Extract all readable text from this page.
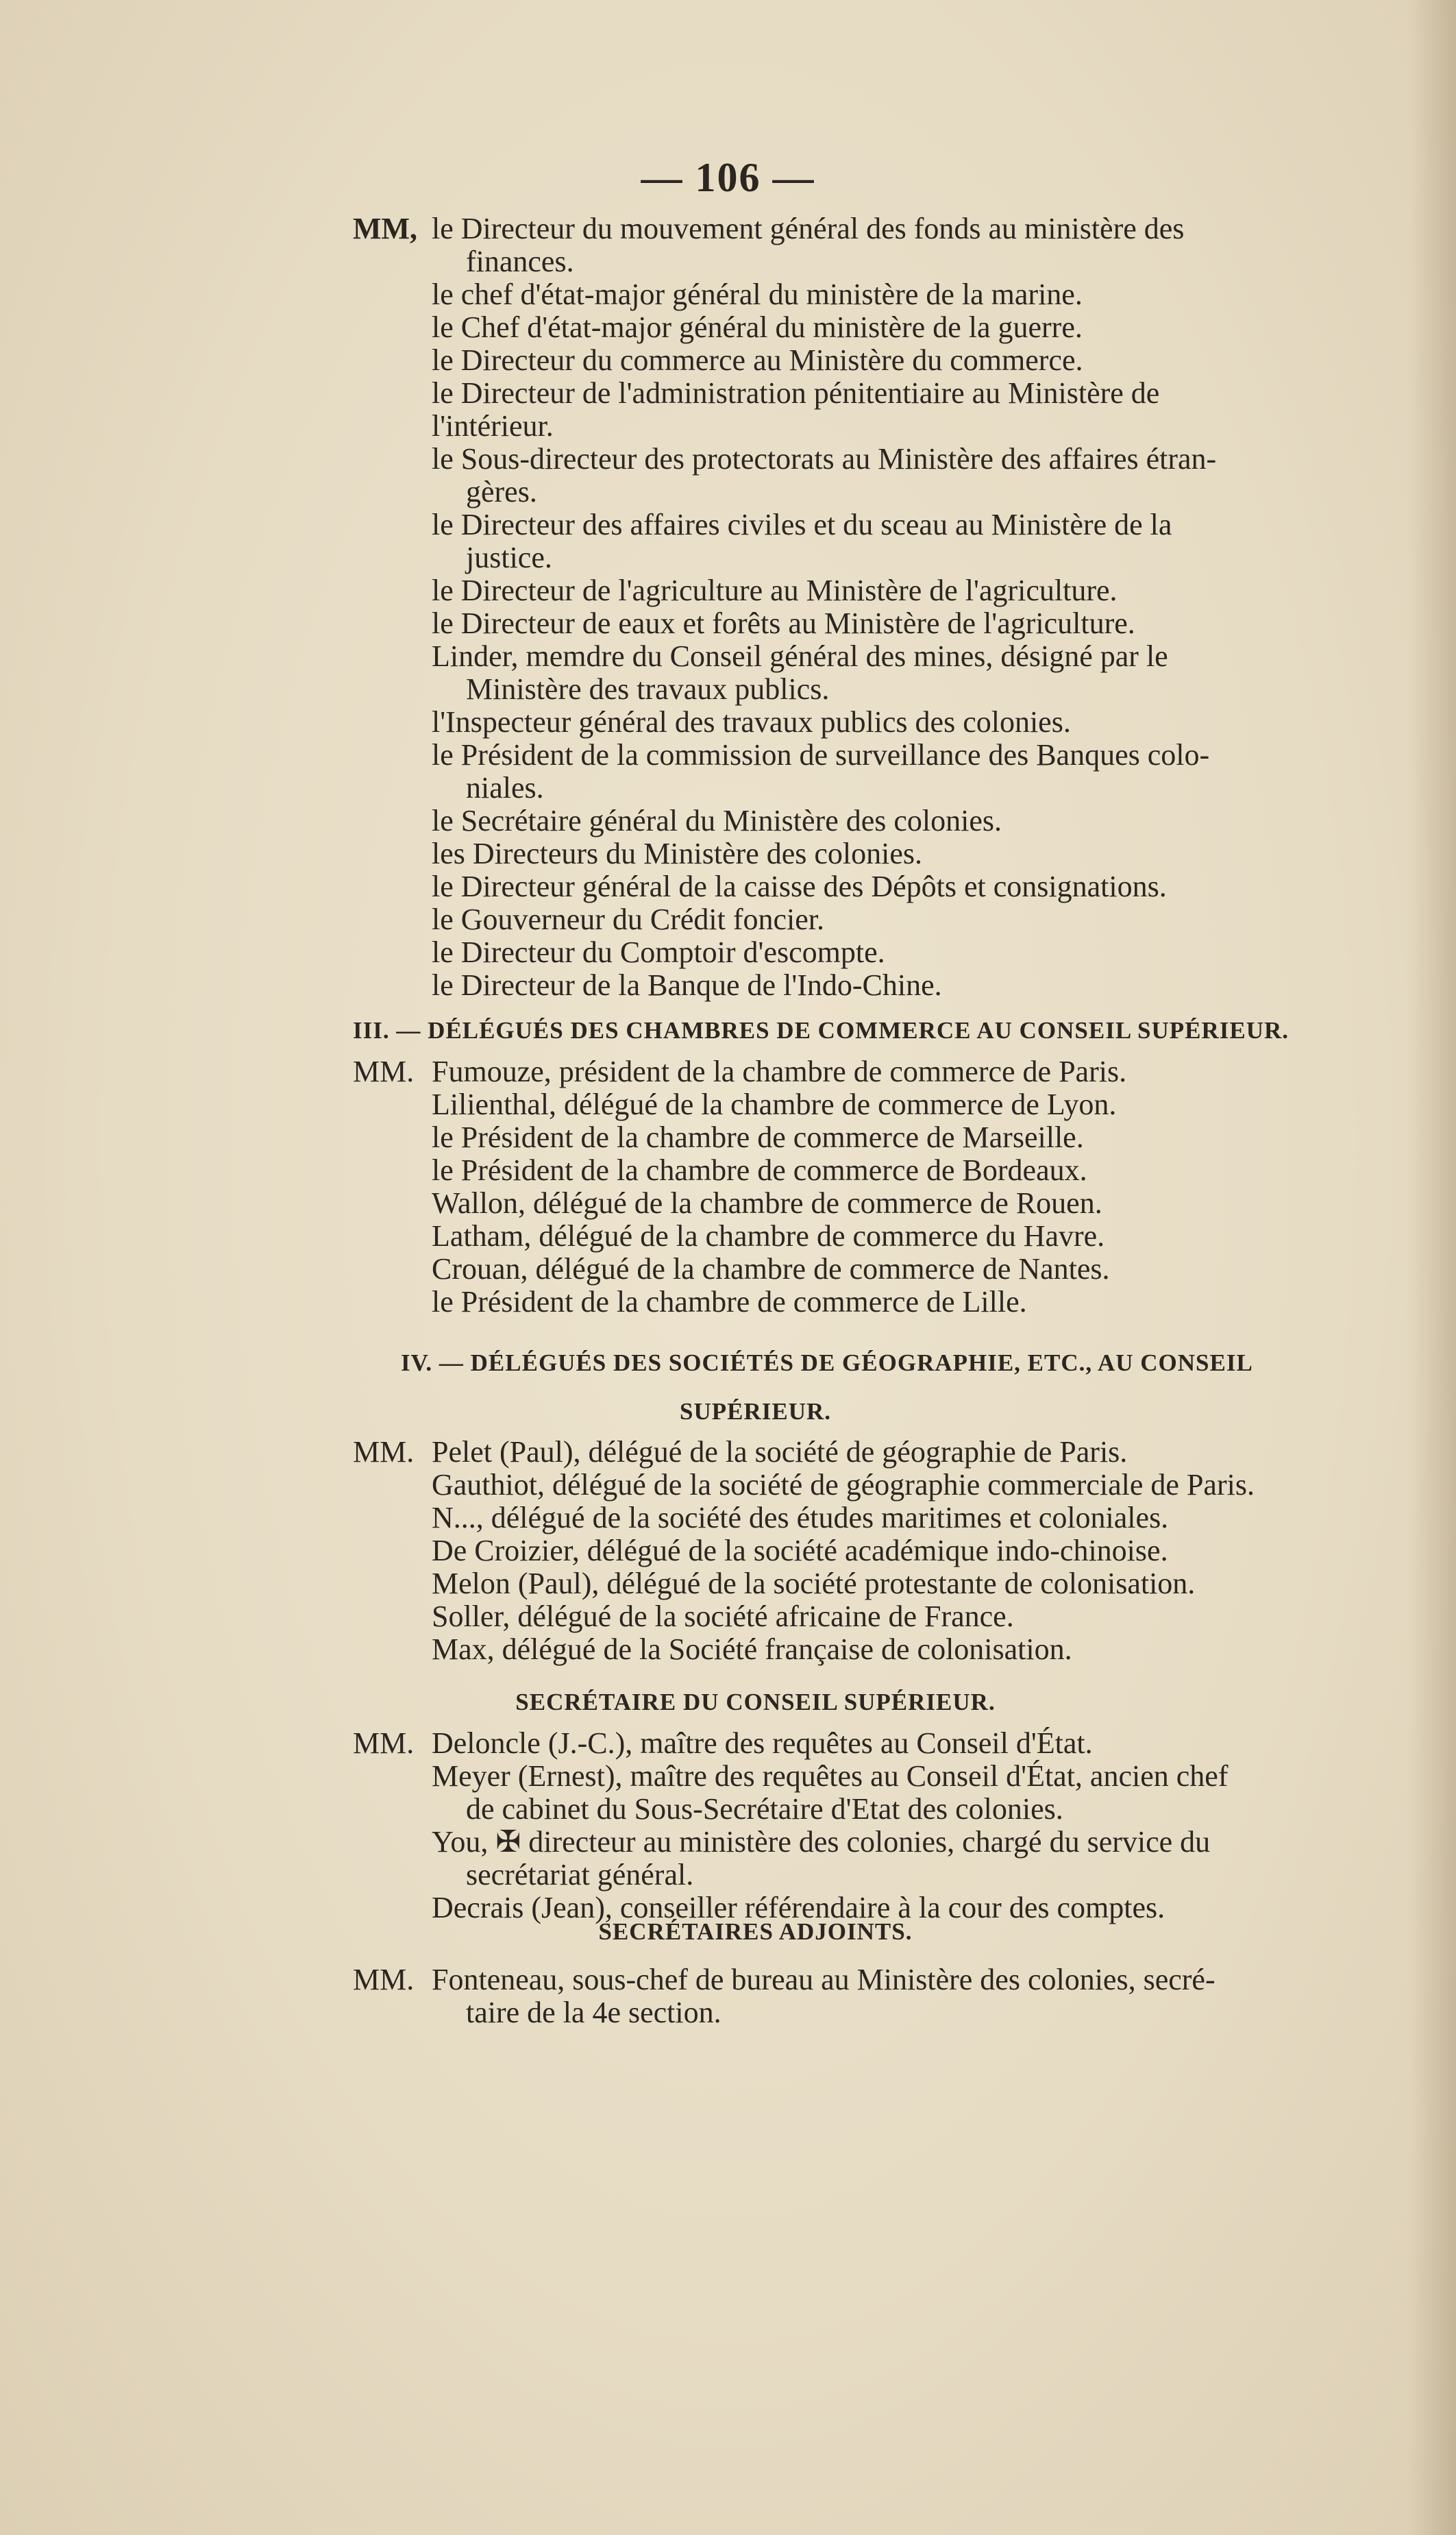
— 106 —
MM, le Directeur du mouvement général des fonds au ministère des
finances.
le chef d'état-major général du ministère de la marine.
le Chef d'état-major général du ministère de la guerre.
le Directeur du commerce au Ministère du commerce.
le Directeur de l'administration pénitentiaire au Ministère de
l'intérieur.
le Sous-directeur des protectorats au Ministère des affaires étran-
gères.
le Directeur des affaires civiles et du sceau au Ministère de la
justice.
le Directeur de l'agriculture au Ministère de l'agriculture.
le Directeur de eaux et forêts au Ministère de l'agriculture.
Linder, memdre du Conseil général des mines, désigné par le
Ministère des travaux publics.
l'Inspecteur général des travaux publics des colonies.
le Président de la commission de surveillance des Banques colo-
niales.
le Secrétaire général du Ministère des colonies.
les Directeurs du Ministère des colonies.
le Directeur général de la caisse des Dépôts et consignations.
le Gouverneur du Crédit foncier.
le Directeur du Comptoir d'escompte.
le Directeur de la Banque de l'Indo-Chine.
III. — DÉLÉGUÉS DES CHAMBRES DE COMMERCE AU CONSEIL SUPÉRIEUR.
MM. Fumouze, président de la chambre de commerce de Paris.
Lilienthal, délégué de la chambre de commerce de Lyon.
le Président de la chambre de commerce de Marseille.
le Président de la chambre de commerce de Bordeaux.
Wallon, délégué de la chambre de commerce de Rouen.
Latham, délégué de la chambre de commerce du Havre.
Crouan, délégué de la chambre de commerce de Nantes.
le Président de la chambre de commerce de Lille.
IV. — DÉLÉGUÉS DES SOCIÉTÉS DE GÉOGRAPHIE, ETC., AU CONSEIL
SUPÉRIEUR.
MM. Pelet (Paul), délégué de la société de géographie de Paris.
Gauthiot, délégué de la société de géographie commerciale de Paris.
N..., délégué de la société des études maritimes et coloniales.
De Croizier, délégué de la société académique indo-chinoise.
Melon (Paul), délégué de la société protestante de colonisation.
Soller, délégué de la société africaine de France.
Max, délégué de la Société française de colonisation.
SECRÉTAIRE DU CONSEIL SUPÉRIEUR.
MM. Deloncle (J.-C.), maître des requêtes au Conseil d'État.
Meyer (Ernest), maître des requêtes au Conseil d'État, ancien chef
de cabinet du Sous-Secrétaire d'Etat des colonies.
You, ✠ directeur au ministère des colonies, chargé du service du
secrétariat général.
Decrais (Jean), conseiller référendaire à la cour des comptes.
SECRÉTAIRES ADJOINTS.
MM. Fonteneau, sous-chef de bureau au Ministère des colonies, secré-
taire de la 4e section.
